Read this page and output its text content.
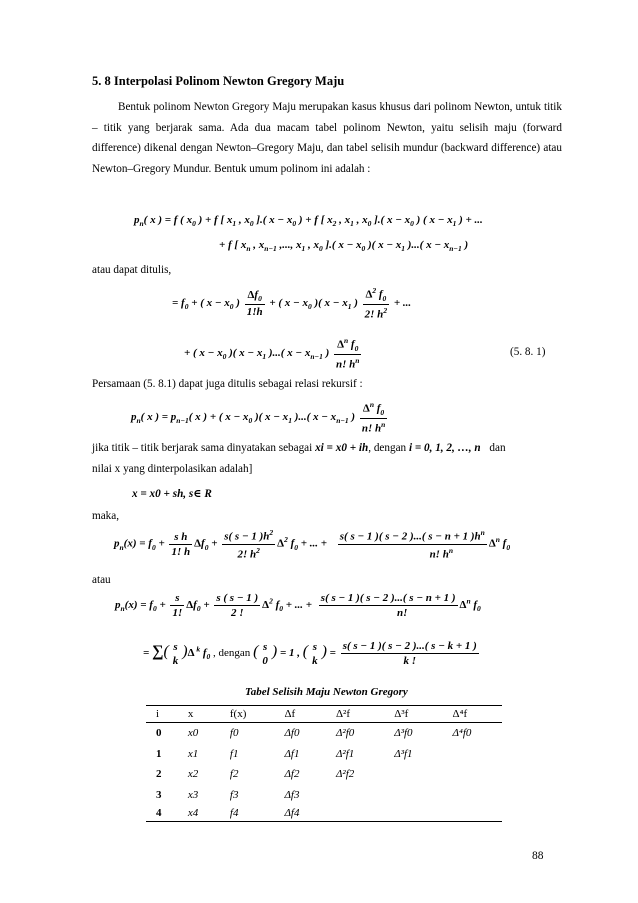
5. 8 Interpolasi Polinom Newton Gregory Maju
Bentuk polinom Newton Gregory Maju merupakan kasus khusus dari polinom Newton, untuk titik – titik yang berjarak sama. Ada dua macam tabel polinom Newton, yaitu selisih maju (forward difference) dikenal dengan Newton–Gregory Maju, dan tabel selisih mundur (backward difference) atau Newton–Gregory Mundur. Bentuk umum polinom ini adalah :
$p_n$( x ) = f ( $x_0$ ) + f [ $x_1$ , $x_0$ ].( $x - x_0$ ) + f [ $x_2$ , $x_1$ , $x_0$ ].( $x - x_0$ ) ( $x - x_1$ ) + ...
+ f [ $x_n$ , $x_{n-1}$ ,..., $x_1$ , $x_0$ ].( $x - x_0$ )( $x - x_1$ )...( $x - x_{n-1}$ )
atau dapat ditulis,
= $f_0$ + ( $x - x_0$ ) $\frac{\Delta f_0}{1!h}$ + ( $x - x_0$ )( $x - x_1$ ) $\frac{\Delta^2 f_0}{2! h^2}$ + ...
+ ( $x - x_0$ )( $x - x_1$ )...( $x - x_{n-1}$ ) $\frac{\Delta^n f_0}{n! h^n}$	(5. 8. 1)
Persamaan (5. 8.1) dapat juga ditulis sebagai relasi rekursif :
$p_n$( x ) = $p_{n-1}$( x ) + ( $x - x_0$ )( $x - x_1$ )...( $x - x_{n-1}$ ) $\frac{\Delta^n f_0}{n! h^n}$
jika titik – titik berjarak sama dinyatakan sebagai xi = x0 + ih, dengan i = 0, 1, 2, …, n dan
nilai x yang dinterpolasikan adalah]
x = x0 + sh, s∈ R
maka,
$p_n(x) = f_0 + \frac{\text{s h}}{1! h} \Delta f_0 + \frac{s( s - 1 )h^2}{2! h^2} \Delta^2$ $f_0$ + ... + $\frac{s( s - 1 )( s - 2 )...( s - n + 1 )h^n}{n! h^n} \Delta^n$ $f_0$
atau
$p_n(x) = f_0 + \frac{s}{1!} \Delta f_0 + \frac{s ( s - 1 )}{2 !} \Delta^2$ $f_0$ + ... + $\frac{s( s - 1 )( s - 2 )...( s - n + 1 )}{n!} \Delta^n$ $f_0$
= ∑( s
k
)Δ $^k$ $f_0$ , dengan ( s
0
) = 1 , ( s
k
) = $\frac{s( s - 1 )( s - 2 )...( s - k + 1 )}{k !}$
Tabel Selisih Maju Newton Gregory
i	x	f(x)	Δf	Δ²f	Δ³f	Δ⁴f
0	x0	f0	Δf0	Δ²f0	Δ³f0	Δ⁴f0
1	x1	f1	Δf1	Δ²f1	Δ³f1	
2	x2	f2	Δf2	Δ²f2		
3	x3	f3	Δf3			
4	x4	f4	Δf4			
88
